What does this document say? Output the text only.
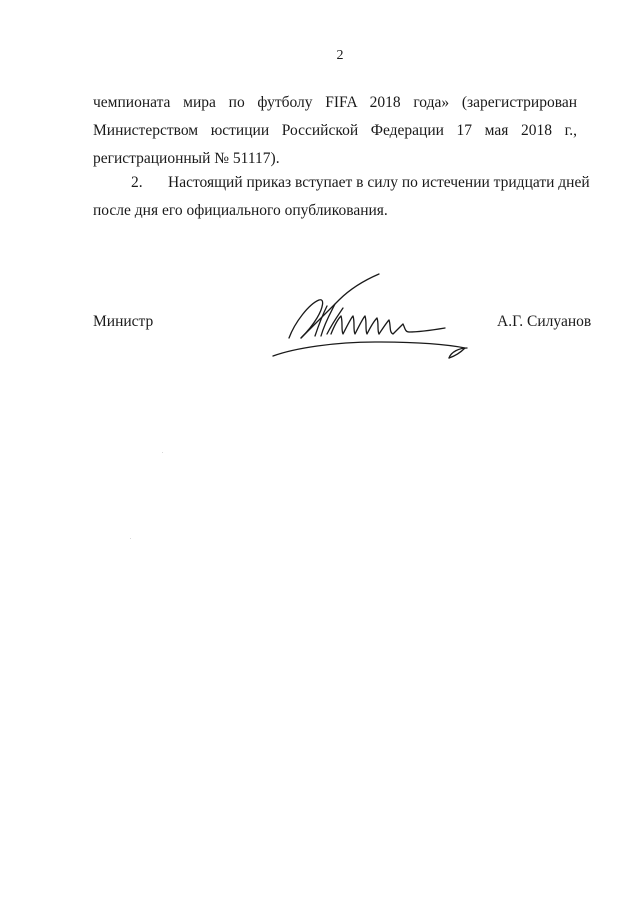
2
чемпионата мира по футболу FIFA 2018 года» (зарегистрирован
Министерством юстиции Российской Федерации 17 мая 2018 г.,
регистрационный № 51117).
2. Настоящий приказ вступает в силу по истечении тридцати дней
после дня его официального опубликования.
Министр	А.Г. Силуанов
